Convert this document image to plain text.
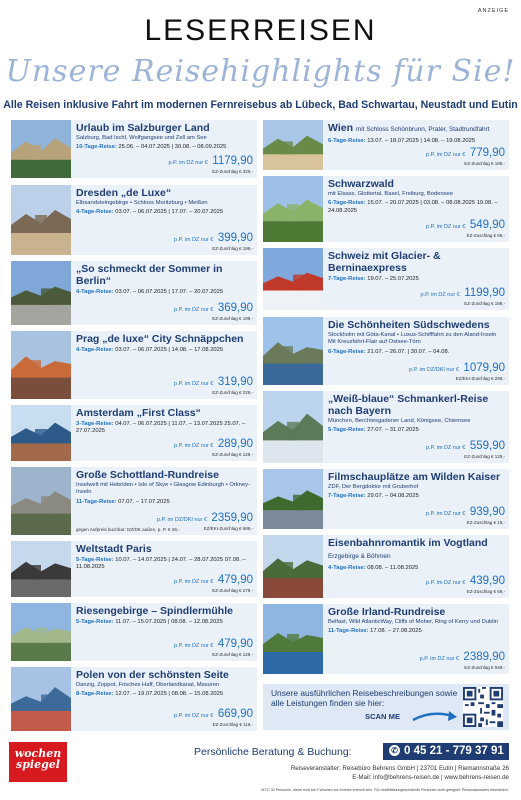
ANZEIGE
LESERREISEN
Unsere Reisehighlights für Sie!
Alle Reisen inklusive Fahrt im modernen Fernreisebus ab Lübeck, Bad Schwartau, Neustadt und Eutin
Urlaub im Salzburger Land
Salzburg, Bad Ischl, Wolfgangsee und Zell am See
10-Tage-Reise: 25.06. – 04.07.2025 | 30.08. – 08.09.2025
p.P. im DZ nur € 1179,90
EZ-Zuschlag € 329,-
Dresden „de Luxe“
Elbsandsteingebirge • Schloss Moritzburg • Meißen
4-Tage-Reise: 03.07. – 06.07.2025 | 17.07. – 20.07.2025
p.P. im DZ nur € 399,90
EZ-Zuschlag € 199,-
„So schmeckt der Sommer in Berlin“
4-Tage-Reise: 03.07. – 06.07.2025 | 17.07. – 20.07.2025
p.P. im DZ nur € 369,90
EZ-Zuschlag € 199,-
Prag „de luxe“ City Schnäppchen
4-Tage-Reise: 03.07. – 06.07.2025 | 14.08. – 17.08.2025
p.P. im DZ nur € 319,90
EZ-Zuschlag € 229,-
Amsterdam „First Class“
3-Tage-Reise: 04.07. – 06.07.2025 | 11.07. – 13.07.2025 25.07. – 27.07.2025
p.P. im DZ nur € 289,90
EZ-Zuschlag € 129,-
Große Schottland-Rundreise
Inselwelt mit Hebriden • Isle of Skye • Glasgow Edinburgh • Orkney-Inseln
11-Tage-Reise: 07.07. – 17.07.2025
p.P. im DZ/DKI nur € 2359,90
EZ/EKI-Zuschlag € 689,-
gegen Aufpreis buchbar: DZ/DK außen, p. P. € 49,-
Weltstadt Paris
5-Tage-Reise: 10.07. – 14.07.2025 | 24.07. – 28.07.2025 07.08. – 11.08.2025
p.P. im DZ nur € 479,90
EZ-Zuschlag € 279,-
Riesengebirge – Spindlermühle
5-Tage-Reise: 11.07. – 15.07.2025 | 08.08. – 12.08.2025
p.P. im DZ nur € 479,90
EZ-Zuschlag € 129,-
Polen von der schönsten Seite
Danzig, Zoppot, Frisches Haff, Oberlandkanal, Masuren
8-Tage-Reise: 12.07. – 19.07.2025 | 08.08. – 15.08.2025
p.P. im DZ nur € 669,90
EZ-Zuschlag € 119,-
Wien mit Schloss Schönbrunn, Prater, Stadtrundfahrt
6-Tage-Reise: 13.07. – 18.07.2025 | 14.08. – 19.08.2025
p.P. im DZ nur € 779,90
EZ-Zuschlag € 189,-
Schwarzwald
mit Elsass, Glottertal, Basel, Freiburg, Bodensee
6-Tage-Reise: 15.07. – 20.07.2025 | 03.08. – 08.08.2025 19.08. – 24.08.2025
p.P. im DZ nur € 549,90
EZ-Zuschlag € 69,-
Schweiz mit Glacier- & Berninaexpress
7-Tage-Reise: 19.07. – 25.07.2025
p.P. im DZ nur € 1199,90
EZ-Zuschlag € 199,-
Die Schönheiten Südschwedens
Stockholm mit Göta-Kanal • Luxus-Schifffahrt zu den Aland-Inseln Mit Kreuzfahrt-Flair auf Ostsee-Törn
6-Tage-Reise: 21.07. – 26.07. | 30.07. – 04.08.
p.P. im DZ/DKI nur € 1079,90
EZ/EKI-Zuschlag € 299,-
„Weiß-blaue“ Schmankerl-Reise nach Bayern
München, Berchtesgadener Land, Königsee, Chiemsee
5-Tage-Reise: 27.07. – 31.07.2025
p.P. im DZ nur € 559,90
EZ-Zuschlag € 129,-
Filmschauplätze am Wilden Kaiser
ZDF, Der Bergdoktor mit Gruberhof
7-Tage-Reise: 29.07. – 04.08.2025
p.P. im DZ nur € 939,90
EZ-Zuschlag € 19,-
Eisenbahnromantik im Vogtland Erzgebirge & Böhmen
4-Tage-Reise: 08.08. – 11.08.2025
p.P. im DZ nur € 439,90
EZ-Zuschlag € 69,-
Große Irland-Rundreise
Belfast, Wild AtlanticWay, Cliffs of Moher, Ring of Kerry und Dublin
11-Tage-Reise: 17.08. – 27.08.2025
p.P. im DZ nur € 2389,90
EZ-Zuschlag € 949,-
Unsere ausführlichen Reisebeschreibungen sowie alle Leistungen finden sie hier:
SCAN ME
wochen
spiegel
Persönliche Beratung & Buchung:	✆ 0 45 21 - 779 37 91
Reiseveranstalter: Reisebüro Behrens GmbH | 23701 Eutin | Riemannstraße 26
E-Mail: info@behrens-reisen.de | www.behrens-reisen.de
MTZ: 30 Personen, diese muß bis 3 Wochen vor Anreise erreicht sein. Für mobilitätseingeschränkte Personen nicht geeignet. Personalausweis erforderlich.
